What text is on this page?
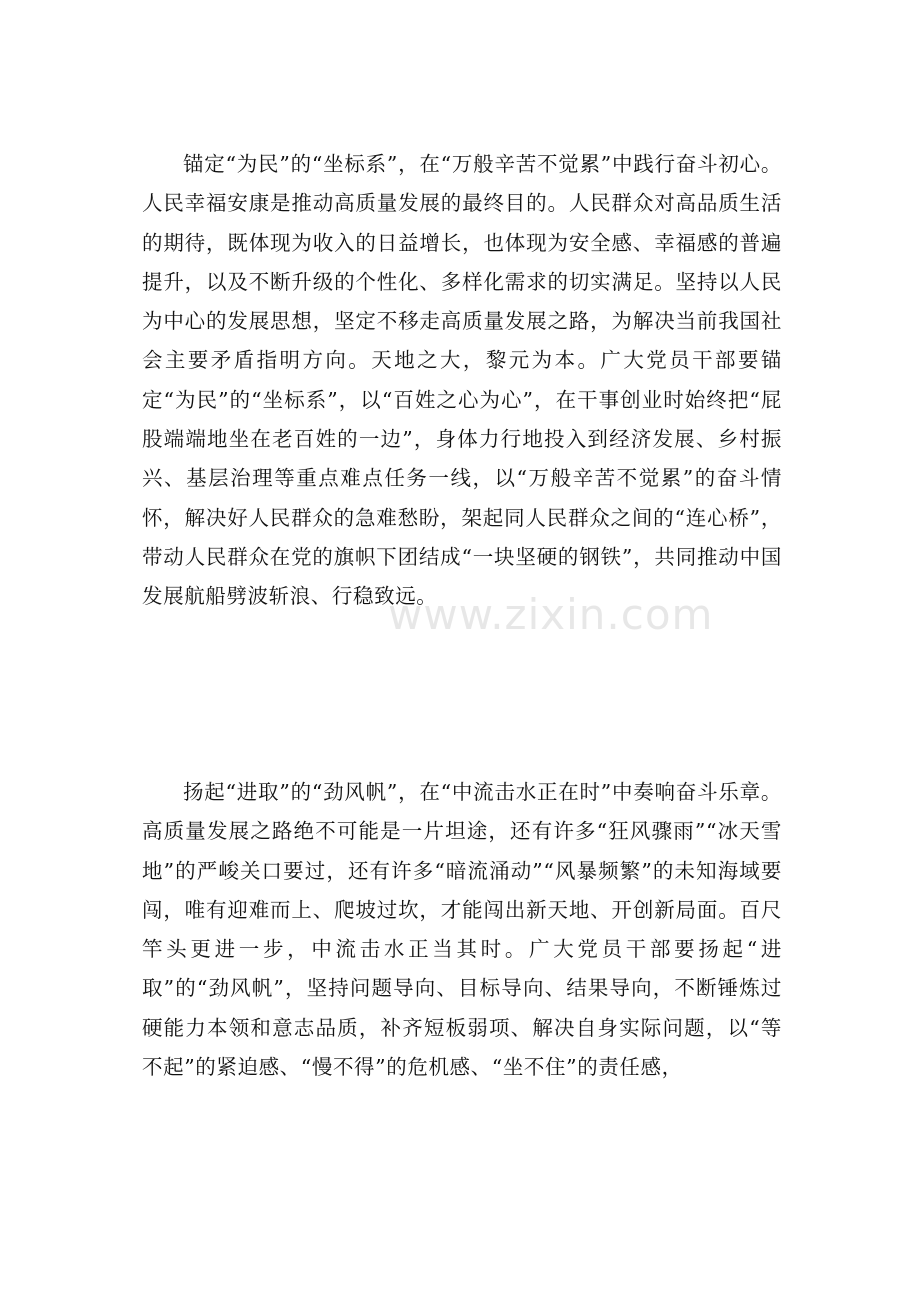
锚定“为民”的“坐标系”，在“万般辛苦不觉累”中践行奋斗初心。人民幸福安康是推动高质量发展的最终目的。人民群众对高品质生活的期待，既体现为收入的日益增长，也体现为安全感、幸福感的普遍提升，以及不断升级的个性化、多样化需求的切实满足。坚持以人民为中心的发展思想，坚定不移走高质量发展之路，为解决当前我国社会主要矛盾指明方向。天地之大，黎元为本。广大党员干部要锚定“为民”的“坐标系”，以“百姓之心为心”，在干事创业时始终把“屁股端端地坐在老百姓的一边”，身体力行地投入到经济发展、乡村振兴、基层治理等重点难点任务一线，以“万般辛苦不觉累”的奋斗情怀，解决好人民群众的急难愁盼，架起同人民群众之间的“连心桥”，带动人民群众在党的旗帜下团结成“一块坚硬的钢铁”，共同推动中国发展航船劈波斩浪、行稳致远。

扬起“进取”的“劲风帆”，在“中流击水正在时”中奏响奋斗乐章。高质量发展之路绝不可能是一片坦途，还有许多“狂风骤雨”“冰天雪地”的严峻关口要过，还有许多“暗流涌动”“风暴频繁”的未知海域要闯，唯有迎难而上、爬坡过坎，才能闯出新天地、开创新局面。百尺竿头更进一步，中流击水正当其时。广大党员干部要扬起“进取”的“劲风帆”，坚持问题导向、目标导向、结果导向，不断锤炼过硬能力本领和意志品质，补齐短板弱项、解决自身实际问题，以“等不起”的紧迫感、“慢不得”的危机感、“坐不住”的责任感，

www.zixin.com
